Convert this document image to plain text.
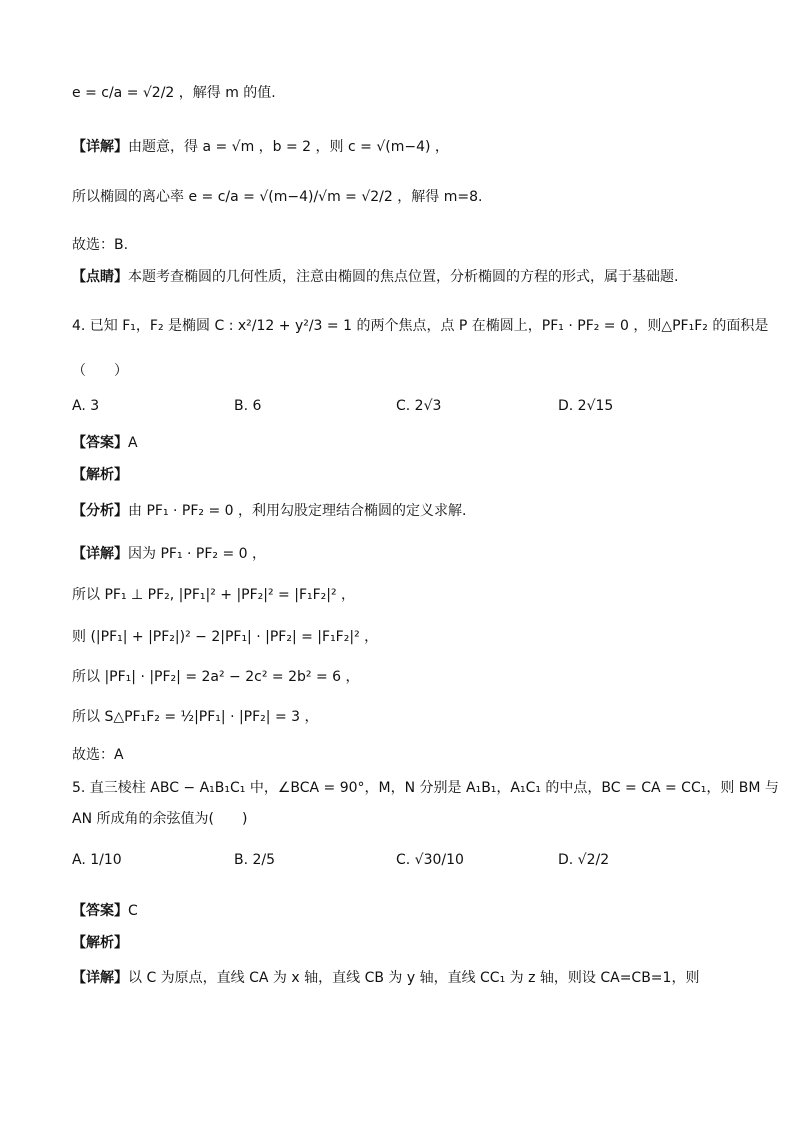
e = c/a = √2/2 ，解得 m 的值.
【详解】由题意，得 a = √m ，b = 2 ，则 c = √(m−4) ，
所以椭圆的离心率 e = c/a = √(m−4)/√m = √2/2 ，解得 m=8.
故选：B.
【点睛】本题考查椭圆的几何性质，注意由椭圆的焦点位置，分析椭圆的方程的形式，属于基础题.
4. 已知 F₁，F₂ 是椭圆 C : x²/12 + y²/3 = 1 的两个焦点，点 P 在椭圆上，PF₁ · PF₂ = 0 ，则△PF₁F₂ 的面积是
（　　）
A. 3	B. 6	C. 2√3	D. 2√15
【答案】A
【解析】
【分析】由 PF₁ · PF₂ = 0 ，利用勾股定理结合椭圆的定义求解.
【详解】因为 PF₁ · PF₂ = 0 ，
所以 PF₁ ⊥ PF₂, |PF₁|² + |PF₂|² = |F₁F₂|² ，
则 (|PF₁| + |PF₂|)² − 2|PF₁| · |PF₂| = |F₁F₂|² ，
所以 |PF₁| · |PF₂| = 2a² − 2c² = 2b² = 6 ，
所以 S△PF₁F₂ = ½|PF₁| · |PF₂| = 3 ，
故选：A
5. 直三棱柱 ABC − A₁B₁C₁ 中，∠BCA = 90°，M，N 分别是 A₁B₁，A₁C₁ 的中点，BC = CA = CC₁，则 BM 与
AN 所成角的余弦值为(　　)
A. 1/10	B. 2/5	C. √30/10	D. √2/2
【答案】C
【解析】
【详解】以 C 为原点，直线 CA 为 x 轴，直线 CB 为 y 轴，直线 CC₁ 为 z 轴，则设 CA=CB=1，则
